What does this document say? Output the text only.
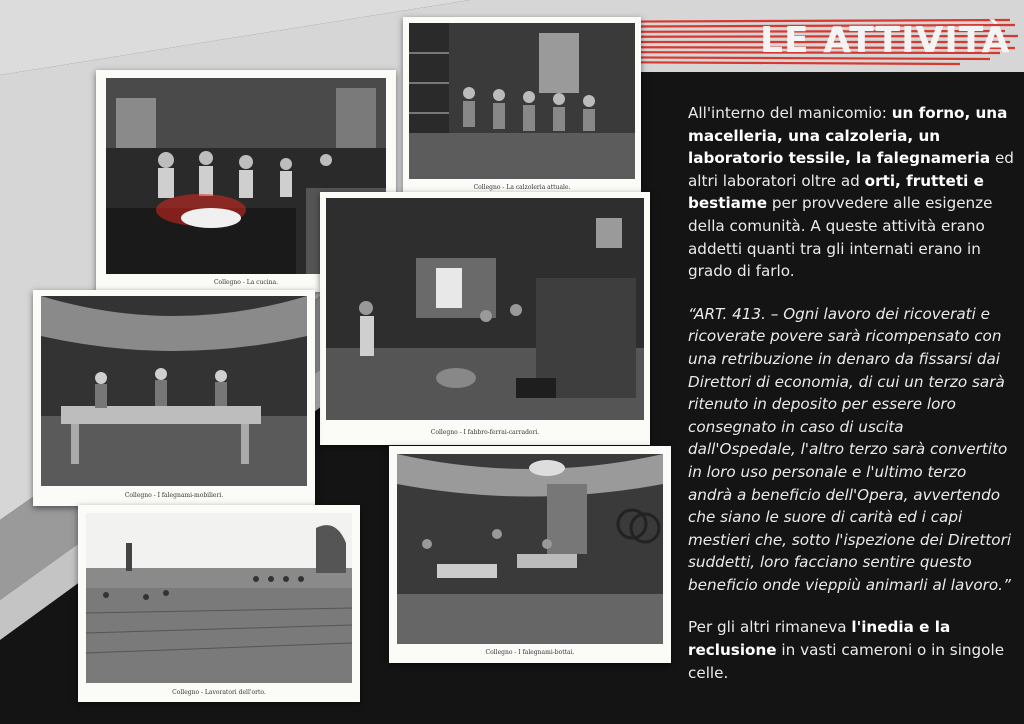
LE ATTIVITÀ
Collegno - La cucina.
Collegno - La calzoleria attuale.
Collegno - I fabbro-ferrai-carradori.
Collegno - I falegnami-mobilieri.
Collegno - Lavoratori dell'orto.
Collegno - I falegnami-bottai.

All'interno del manicomio: un forno, una macelleria, una calzoleria, un laboratorio tessile, la falegnameria ed altri laboratori oltre ad orti, frutteti e bestiame per provvedere alle esigenze della comunità. A queste attività erano addetti quanti tra gli internati erano in grado di farlo.

“ART. 413. – Ogni lavoro dei ricoverati e ricoverate povere sarà ricompensato con una retribuzione in denaro da fissarsi dai Direttori di economia, di cui un terzo sarà ritenuto in deposito per essere loro consegnato in caso di uscita dall'Ospedale, l'altro terzo sarà convertito in loro uso personale e l'ultimo terzo andrà a beneficio dell'Opera, avvertendo che siano le suore di carità ed i capi mestieri che, sotto l'ispezione dei Direttori suddetti, loro facciano sentire questo beneficio onde vieppiù animarli al lavoro.”

Per gli altri rimaneva l'inedia e la reclusione in vasti cameroni o in singole celle.
